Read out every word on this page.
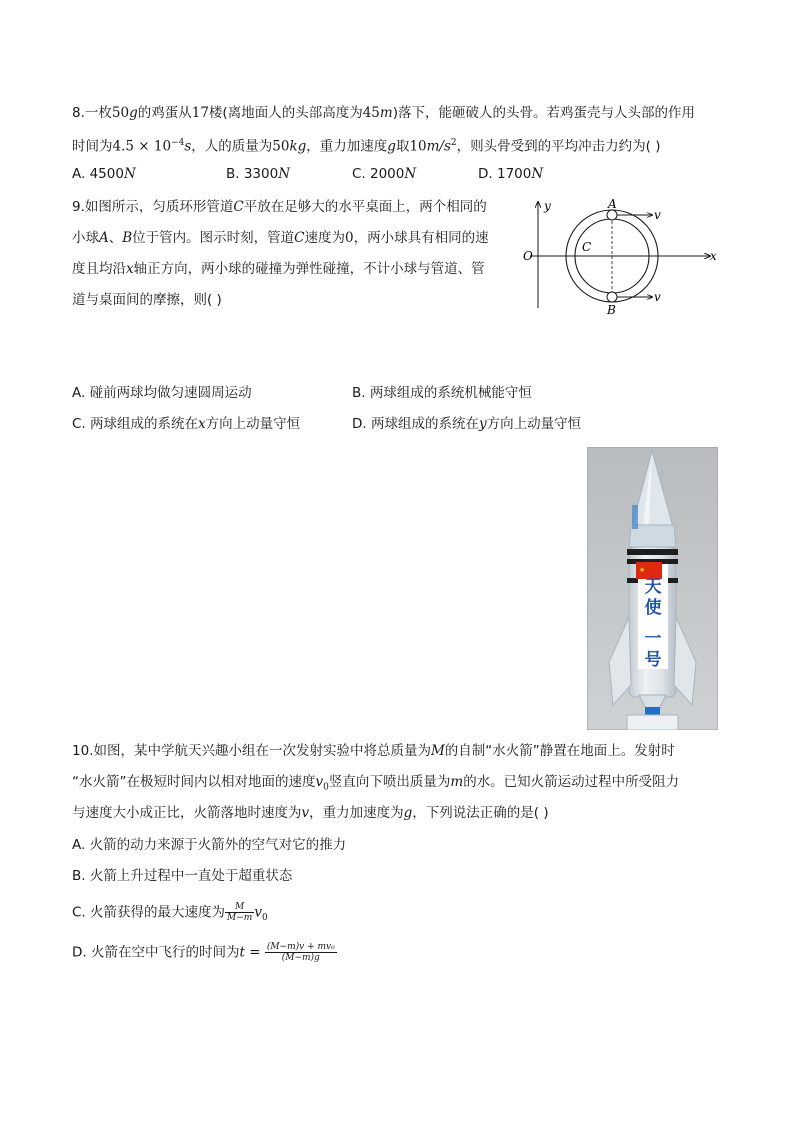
8.一枚50g的鸡蛋从17楼(离地面人的头部高度为45m)落下，能砸破人的头骨。若鸡蛋壳与人头部的作用
时间为$4.5 \times 10^{-4}s$，人的质量为50kg，重力加速度g取$10m/s^2$，则头骨受到的平均冲击力约为( )
A. 4500N	B. 3300N	C. 2000N	D. 1700N
9.如图所示，匀质环形管道C平放在足够大的水平桌面上，两个相同的
小球A、B位于管内。图示时刻，管道C速度为0，两小球具有相同的速
度且均沿x轴正方向，两小球的碰撞为弹性碰撞，不计小球与管道、管
道与桌面间的摩擦，则( )
y
x
O
A
B
C
v
v
A. 碰前两球均做匀速圆周运动	B. 两球组成的系统机械能守恒
C. 两球组成的系统在x方向上动量守恒	D. 两球组成的系统在y方向上动量守恒
★
天使
一号
10.如图，某中学航天兴趣小组在一次发射实验中将总质量为M的自制“水火箭”静置在地面上。发射时
“水火箭”在极短时间内以相对地面的速度$v_0$竖直向下喷出质量为m的水。已知火箭运动过程中所受阻力
与速度大小成正比，火箭落地时速度为v，重力加速度为g，下列说法正确的是( )
A. 火箭的动力来源于火箭外的空气对它的推力
B. 火箭上升过程中一直处于超重状态
C. 火箭获得的最大速度为 $\frac{M}{M-m} v_0$
D. 火箭在空中飞行的时间为$t = \frac{\text{(M−m)v + mv₀}}{(M-m)g}$
